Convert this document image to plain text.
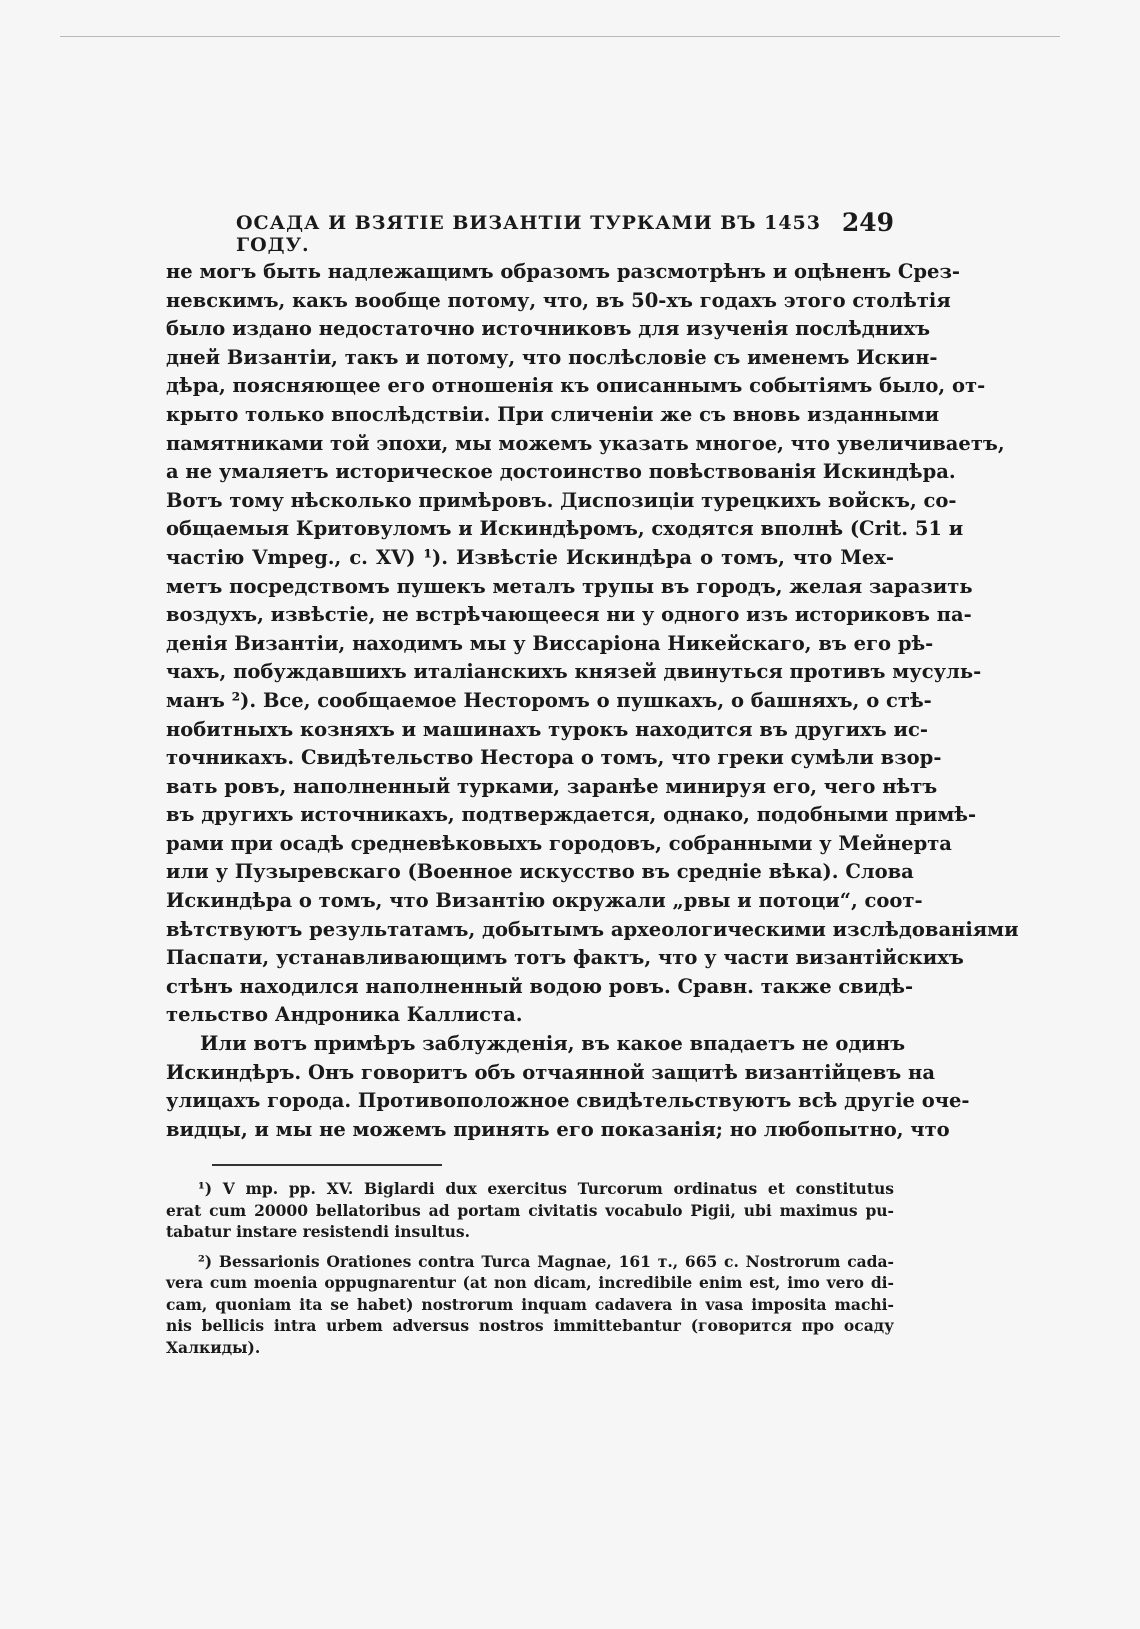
ОСАДА И ВЗЯТІЕ ВИЗАНТІИ ТУРКАМИ ВЪ 1453 ГОДУ.
249
не могъ быть надлежащимъ образомъ разсмотрѣнъ и оцѣненъ Срез-
невскимъ, какъ вообще потому, что, въ 50-хъ годахъ этого столѣтія
было издано недостаточно источниковъ для изученія послѣднихъ
дней Византіи, такъ и потому, что послѣсловіе съ именемъ Искин-
дѣра, поясняющее его отношенія къ описаннымъ событіямъ было, от-
крыто только впослѣдствіи. При сличеніи же съ вновь изданными
памятниками той эпохи, мы можемъ указать многое, что увеличиваетъ,
а не умаляетъ историческое достоинство повѣствованія Искиндѣра.
Вотъ тому нѣсколько примѣровъ. Диспозиціи турецкихъ войскъ, со-
общаемыя Критовуломъ и Искиндѣромъ, сходятся вполнѣ (Crit. 51 и
частію Vmpeg., с. XV) ¹). Извѣстіе Искиндѣра о томъ, что Мех-
метъ посредствомъ пушекъ металъ трупы въ городъ, желая заразить
воздухъ, извѣстіе, не встрѣчающееся ни у одного изъ историковъ па-
денія Византіи, находимъ мы у Виссаріона Никейскаго, въ его рѣ-
чахъ, побуждавшихъ италіанскихъ князей двинуться противъ мусуль-
манъ ²). Все, сообщаемое Несторомъ о пушкахъ, о башняхъ, о стѣ-
нобитныхъ козняхъ и машинахъ турокъ находится въ другихъ ис-
точникахъ. Свидѣтельство Нестора о томъ, что греки сумѣли взор-
вать ровъ, наполненный турками, заранѣе минируя его, чего нѣтъ
въ другихъ источникахъ, подтверждается, однако, подобными примѣ-
рами при осадѣ средневѣковыхъ городовъ, собранными у Мейнерта
или у Пузыревскаго (Военное искусство въ средніе вѣка). Слова
Искиндѣра о томъ, что Византію окружали „рвы и потоци“, соот-
вѣтствуютъ результатамъ, добытымъ археологическими изслѣдованіями
Паспати, устанавливающимъ тотъ фактъ, что у части византійскихъ
стѣнъ находился наполненный водою ровъ. Сравн. также свидѣ-
тельство Андроника Каллиста.
Или вотъ примѣръ заблужденія, въ какое впадаетъ не одинъ
Искиндѣръ. Онъ говоритъ объ отчаянной защитѣ византійцевъ на
улицахъ города. Противоположное свидѣтельствуютъ всѣ другіе оче-
видцы, и мы не можемъ принять его показанія; но любопытно, что
¹) V mp. pp. XV. Biglardi dux exercitus Turcorum ordinatus et constitutus
erat cum 20000 bellatoribus ad portam civitatis vocabulo Pigii, ubi maximus pu-
tabatur instare resistendi insultus.
²) Bessarionis Orationes contra Turca Magnae, 161 т., 665 с. Nostrorum cada-
vera cum moenia oppugnarentur (at non dicam, incredibile enim est, imo vero di-
cam, quoniam ita se habet) nostrorum inquam cadavera in vasa imposita machi-
nis bellicis intra urbem adversus nostros immittebantur (говорится про осаду
Халкиды).
